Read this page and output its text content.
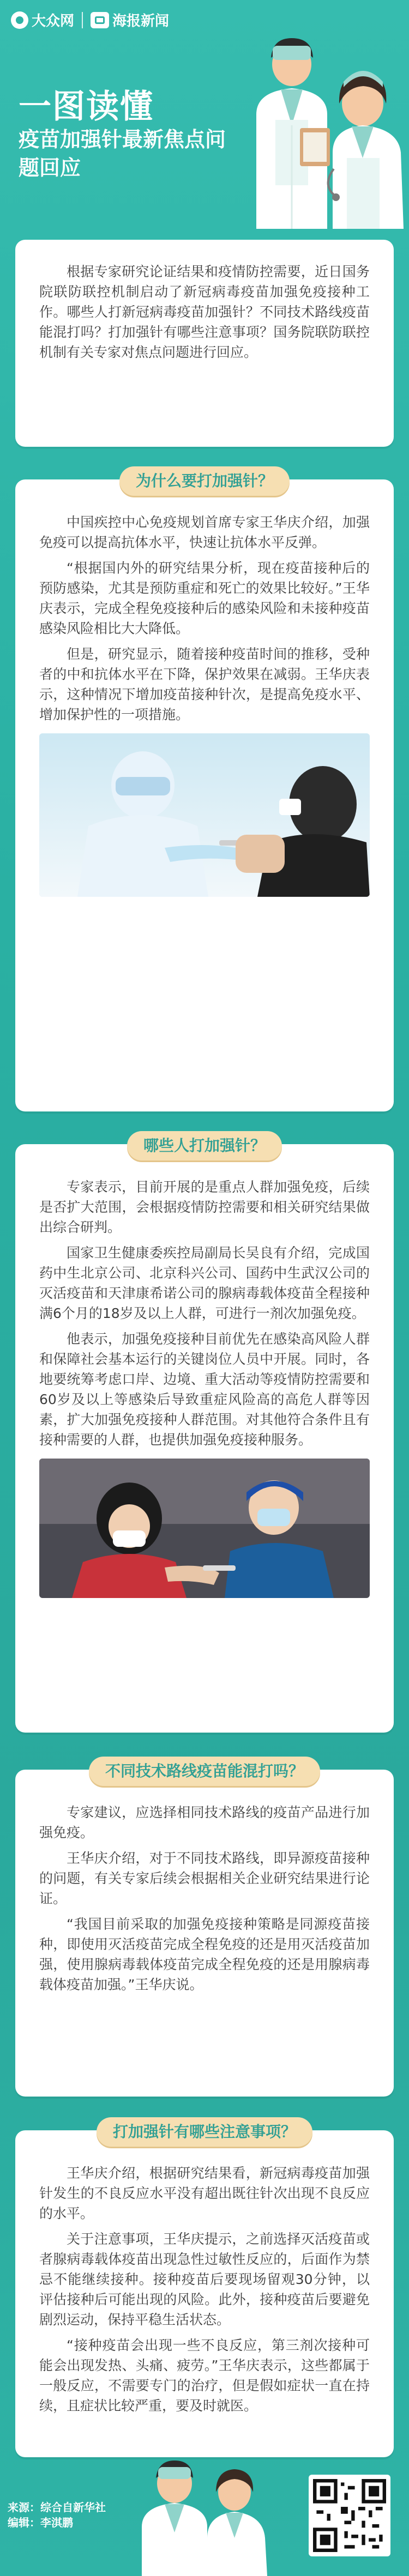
大众网	海报新闻
一图读懂
疫苗加强针最新焦点问题回应

根据专家研究论证结果和疫情防控需要，近日国务院联防联控机制启动了新冠病毒疫苗加强免疫接种工作。哪些人打新冠病毒疫苗加强针？不同技术路线疫苗能混打吗？打加强针有哪些注意事项？国务院联防联控机制有关专家对焦点问题进行回应。

为什么要打加强针？

中国疾控中心免疫规划首席专家王华庆介绍，加强免疫可以提高抗体水平，快速让抗体水平反弹。

“根据国内外的研究结果分析，现在疫苗接种后的预防感染，尤其是预防重症和死亡的效果比较好。”王华庆表示，完成全程免疫接种后的感染风险和未接种疫苗感染风险相比大大降低。

但是，研究显示，随着接种疫苗时间的推移，受种者的中和抗体水平在下降，保护效果在减弱。王华庆表示，这种情况下增加疫苗接种针次，是提高免疫水平、增加保护性的一项措施。

哪些人打加强针？

专家表示，目前开展的是重点人群加强免疫，后续是否扩大范围，会根据疫情防控需要和相关研究结果做出综合研判。

国家卫生健康委疾控局副局长吴良有介绍，完成国药中生北京公司、北京科兴公司、国药中生武汉公司的灭活疫苗和天津康希诺公司的腺病毒载体疫苗全程接种满6个月的18岁及以上人群，可进行一剂次加强免疫。

他表示，加强免疫接种目前优先在感染高风险人群和保障社会基本运行的关键岗位人员中开展。同时，各地要统筹考虑口岸、边境、重大活动等疫情防控需要和60岁及以上等感染后导致重症风险高的高危人群等因素，扩大加强免疫接种人群范围。对其他符合条件且有接种需要的人群，也提供加强免疫接种服务。

不同技术路线疫苗能混打吗？

专家建议，应选择相同技术路线的疫苗产品进行加强免疫。

王华庆介绍，对于不同技术路线，即异源疫苗接种的问题，有关专家后续会根据相关企业研究结果进行论证。

“我国目前采取的加强免疫接种策略是同源疫苗接种，即使用灭活疫苗完成全程免疫的还是用灭活疫苗加强，使用腺病毒载体疫苗完成全程免疫的还是用腺病毒载体疫苗加强。”王华庆说。

打加强针有哪些注意事项？

王华庆介绍，根据研究结果看，新冠病毒疫苗加强针发生的不良反应水平没有超出既往针次出现不良反应的水平。

关于注意事项，王华庆提示，之前选择灭活疫苗或者腺病毒载体疫苗出现急性过敏性反应的，后面作为禁忌不能继续接种。接种疫苗后要现场留观30分钟，以评估接种后可能出现的风险。此外，接种疫苗后要避免剧烈运动，保持平稳生活状态。

“接种疫苗会出现一些不良反应，第三剂次接种可能会出现发热、头痛、疲劳。”王华庆表示，这些都属于一般反应，不需要专门的治疗，但是假如症状一直在持续，且症状比较严重，要及时就医。

来源：综合自新华社
编辑：李淇鹏
